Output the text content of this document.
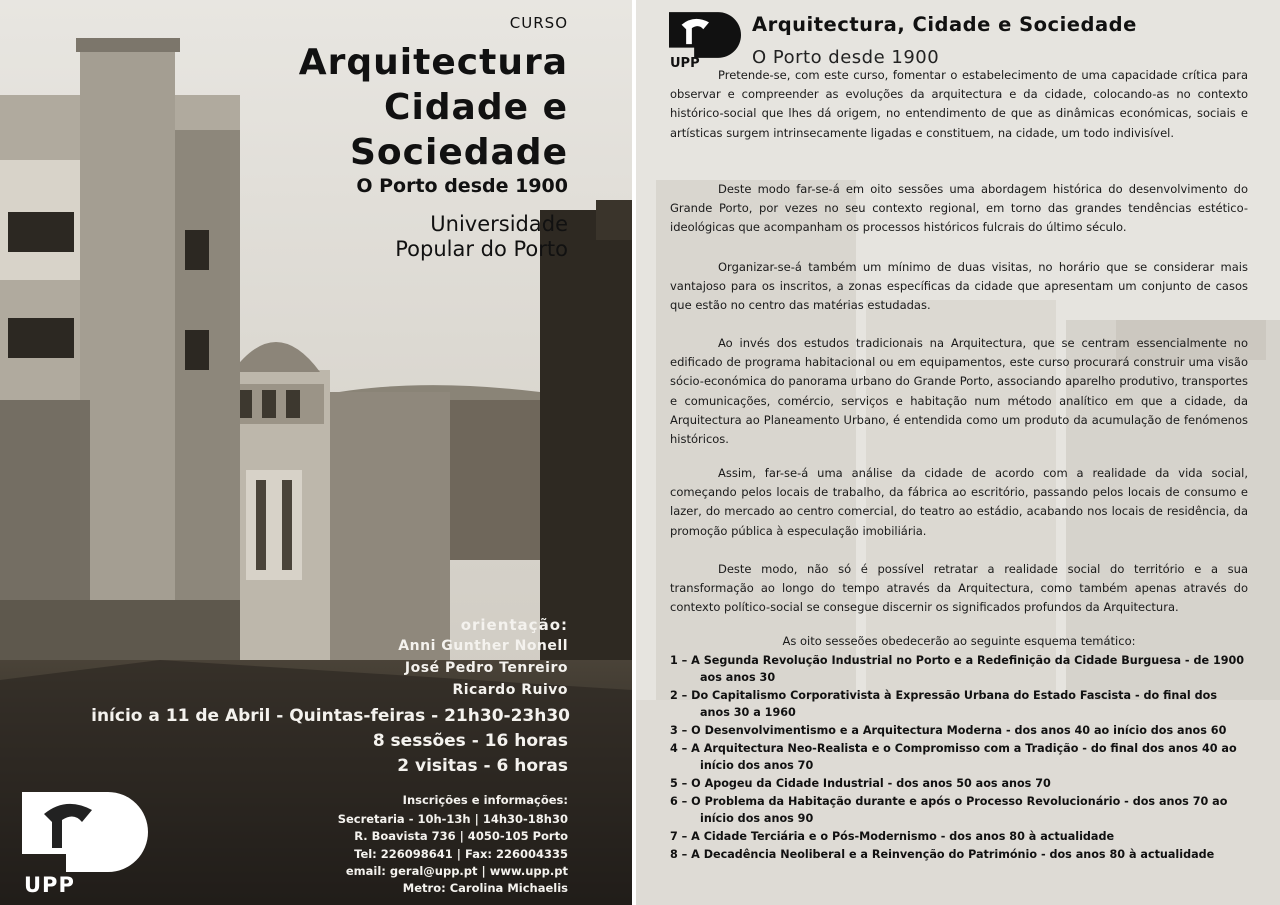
CURSO
Arquitectura
Cidade e
Sociedade
O Porto desde 1900
Universidade
Popular do Porto
orientação:
Anni Gunther Nonell
José Pedro Tenreiro
Ricardo Ruivo
início a 11 de Abril - Quintas-feiras - 21h30-23h30
8 sessões - 16 horas
2 visitas - 6 horas
Inscrições e informações:
Secretaria - 10h-13h | 14h30-18h30
R. Boavista 736 | 4050-105 Porto
Tel: 226098641 | Fax: 226004335
email: geral@upp.pt | www.upp.pt
Metro: Carolina Michaelis
UPP
UPP
Arquitectura, Cidade e Sociedade
O Porto desde 1900

Pretende-se, com este curso, fomentar o estabelecimento de uma capacidade crítica para observar e compreender as evoluções da arquitectura e da cidade, colocando-as no contexto histórico-social que lhes dá origem, no entendimento de que as dinâmicas económicas, sociais e artísticas surgem intrinsecamente ligadas e constituem, na cidade, um todo indivisível.

Deste modo far-se-á em oito sessões uma abordagem histórica do desenvolvimento do Grande Porto, por vezes no seu contexto regional, em torno das grandes tendências estético-ideológicas que acompanham os processos históricos fulcrais do último século.

Organizar-se-á também um mínimo de duas visitas, no horário que se considerar mais vantajoso para os inscritos, a zonas específicas da cidade que apresentam um conjunto de casos que estão no centro das matérias estudadas.

Ao invés dos estudos tradicionais na Arquitectura, que se centram essencialmente no edificado de programa habitacional ou em equipamentos, este curso procurará construir uma visão sócio-económica do panorama urbano do Grande Porto, associando aparelho produtivo, transportes e comunicações, comércio, serviços e habitação num método analítico em que a cidade, da Arquitectura ao Planeamento Urbano, é entendida como um produto da acumulação de fenómenos históricos.

Assim, far-se-á uma análise da cidade de acordo com a realidade da vida social, começando pelos locais de trabalho, da fábrica ao escritório, passando pelos locais de consumo e lazer, do mercado ao centro comercial, do teatro ao estádio, acabando nos locais de residência, da promoção pública à especulação imobiliária.

Deste modo, não só é possível retratar a realidade social do território e a sua transformação ao longo do tempo através da Arquitectura, como também apenas através do contexto político-social se consegue discernir os significados profundos da Arquitectura.

As oito sesseões obedecerão ao seguinte esquema temático:
1 – A Segunda Revolução Industrial no Porto e a Redefinição da Cidade Burguesa - de 1900 aos anos 30
2 – Do Capitalismo Corporativista à Expressão Urbana do Estado Fascista - do final dos anos 30 a 1960
3 – O Desenvolvimentismo e a Arquitectura Moderna - dos anos 40 ao início dos anos 60
4 – A Arquitectura Neo-Realista e o Compromisso com a Tradição - do final dos anos 40 ao início dos anos 70
5 – O Apogeu da Cidade Industrial - dos anos 50 aos anos 70
6 – O Problema da Habitação durante e após o Processo Revolucionário - dos anos 70 ao início dos anos 90
7 – A Cidade Terciária e o Pós-Modernismo - dos anos 80 à actualidade
8 – A Decadência Neoliberal e a Reinvenção do Património - dos anos 80 à actualidade
